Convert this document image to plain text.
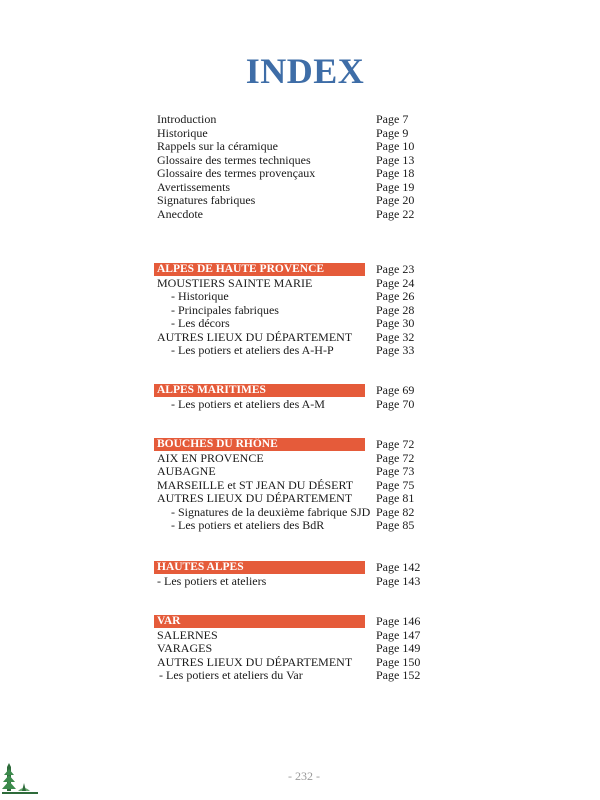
INDEX
Introduction	Page 7
Historique	Page 9
Rappels sur la céramique	Page 10
Glossaire des termes techniques	Page 13
Glossaire des termes provençaux	Page 18
Avertissements	Page 19
Signatures fabriques	Page 20
Anecdote	Page 22
ALPES DE HAUTE PROVENCE	Page 23
MOUSTIERS SAINTE MARIE	Page 24
- Historique	Page 26
- Principales fabriques	Page 28
- Les décors	Page 30
AUTRES LIEUX DU DÉPARTEMENT Page 32
- Les potiers et ateliers des A-H-P	Page 33
ALPES MARITIMES	Page 69
- Les potiers et ateliers des A-M	Page 70
BOUCHES DU RHÔNE	Page 72
AIX EN PROVENCE	Page 72
AUBAGNE	Page 73
MARSEILLE et ST JEAN DU DÉSERT Page 75
AUTRES LIEUX DU DÉPARTEMENT Page 81
- Signatures de la deuxième fabrique SJD Page 82
- Les potiers et ateliers des BdR	Page 85
HAUTES ALPES	Page 142
- Les potiers et ateliers	Page 143
VAR	Page 146
SALERNES	Page 147
VARAGES	Page 149
AUTRES LIEUX DU DÉPARTEMENT Page 150
- Les potiers et ateliers du Var	Page 152
- 232 -
